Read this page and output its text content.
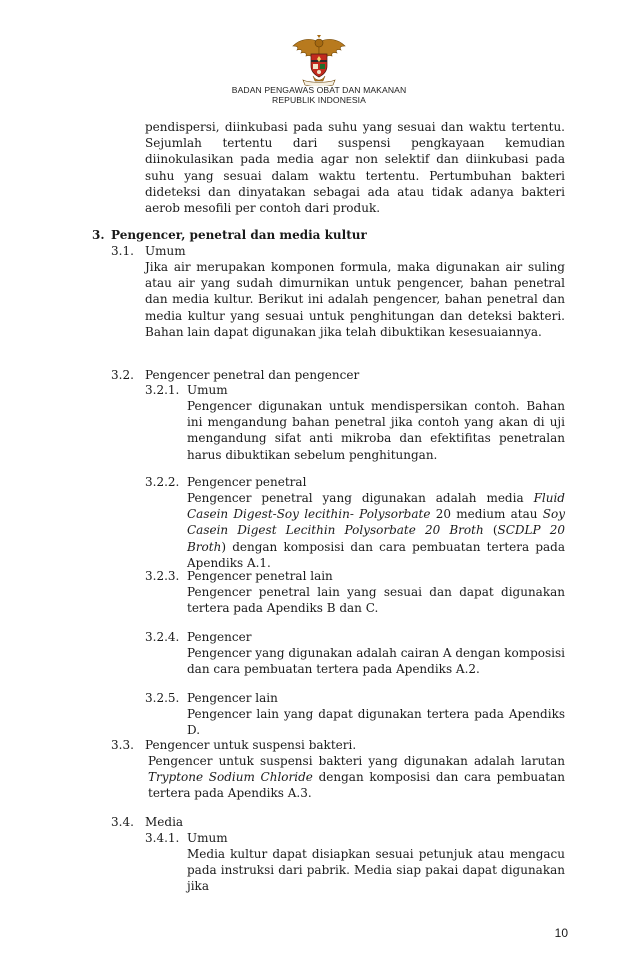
BADAN PENGAWAS OBAT DAN MAKANAN
REPUBLIK INDONESIA
pendispersi, diinkubasi pada suhu yang sesuai dan waktu tertentu. Sejumlah tertentu dari suspensi pengkayaan kemudian diinokulasikan pada media agar non selektif dan diinkubasi pada suhu yang sesuai dalam waktu tertentu. Pertumbuhan bakteri dideteksi dan dinyatakan sebagai ada atau tidak adanya bakteri aerob mesofili per contoh dari produk.
3. Pengencer, penetral dan media kultur
3.1. Umum
Jika air merupakan komponen formula, maka digunakan air suling atau air yang sudah dimurnikan untuk pengencer, bahan penetral dan media kultur. Berikut ini adalah pengencer, bahan penetral dan media kultur yang sesuai untuk penghitungan dan deteksi bakteri. Bahan lain dapat digunakan jika telah dibuktikan kesesuaiannya.
3.2. Pengencer penetral dan pengencer
3.2.1. Umum
Pengencer digunakan untuk mendispersikan contoh. Bahan ini mengandung bahan penetral jika contoh yang akan di uji mengandung sifat anti mikroba dan efektifitas penetralan harus dibuktikan sebelum penghitungan.
3.2.2. Pengencer penetral
Pengencer penetral yang digunakan adalah media Fluid Casein Digest-Soy lecithin- Polysorbate 20 medium atau Soy Casein Digest Lecithin Polysorbate 20 Broth (SCDLP 20 Broth) dengan komposisi dan cara pembuatan tertera pada Apendiks A.1.
3.2.3. Pengencer penetral lain
Pengencer penetral lain yang sesuai dan dapat digunakan tertera pada Apendiks B dan C.
3.2.4. Pengencer
Pengencer yang digunakan adalah cairan A dengan komposisi dan cara pembuatan tertera pada Apendiks A.2.
3.2.5. Pengencer lain
Pengencer lain yang dapat digunakan tertera pada Apendiks D.
3.3. Pengencer untuk suspensi bakteri.
Pengencer untuk suspensi bakteri yang digunakan adalah larutan Tryptone Sodium Chloride dengan komposisi dan cara pembuatan tertera pada Apendiks A.3.
3.4. Media
3.4.1. Umum
Media kultur dapat disiapkan sesuai petunjuk atau mengacu pada instruksi dari pabrik. Media siap pakai dapat digunakan jika
10
